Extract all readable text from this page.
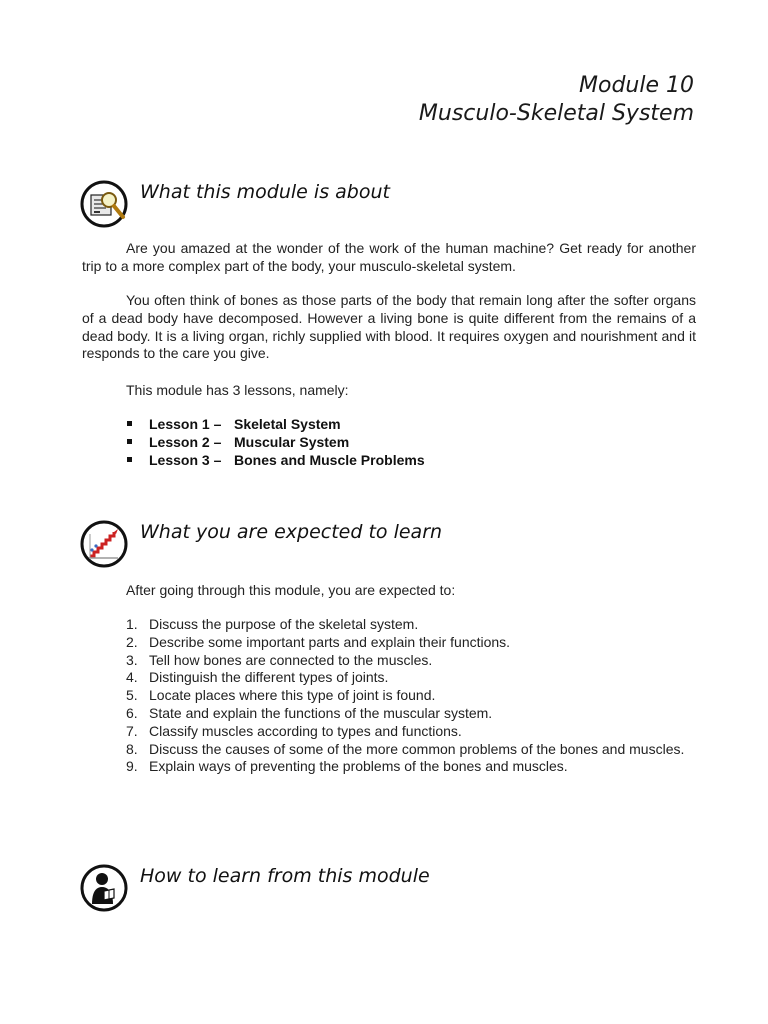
Module 10
Musculo-Skeletal System
What this module is about
Are you amazed at the wonder of the work of the human machine? Get ready for another trip to a more complex part of the body, your musculo-skeletal system.
You often think of bones as those parts of the body that remain long after the softer organs of a dead body have decomposed. However a living bone is quite different from the remains of a dead body. It is a living organ, richly supplied with blood. It requires oxygen and nourishment and it responds to the care you give.
This module has 3 lessons, namely:
Lesson 1 – Skeletal System
Lesson 2 – Muscular System
Lesson 3 – Bones and Muscle Problems
What you are expected to learn
After going through this module, you are expected to:
1. Discuss the purpose of the skeletal system.
2. Describe some important parts and explain their functions.
3. Tell how bones are connected to the muscles.
4. Distinguish the different types of joints.
5. Locate places where this type of joint is found.
6. State and explain the functions of the muscular system.
7. Classify muscles according to types and functions.
8. Discuss the causes of some of the more common problems of the bones and muscles.
9. Explain ways of preventing the problems of the bones and muscles.
How to learn from this module
